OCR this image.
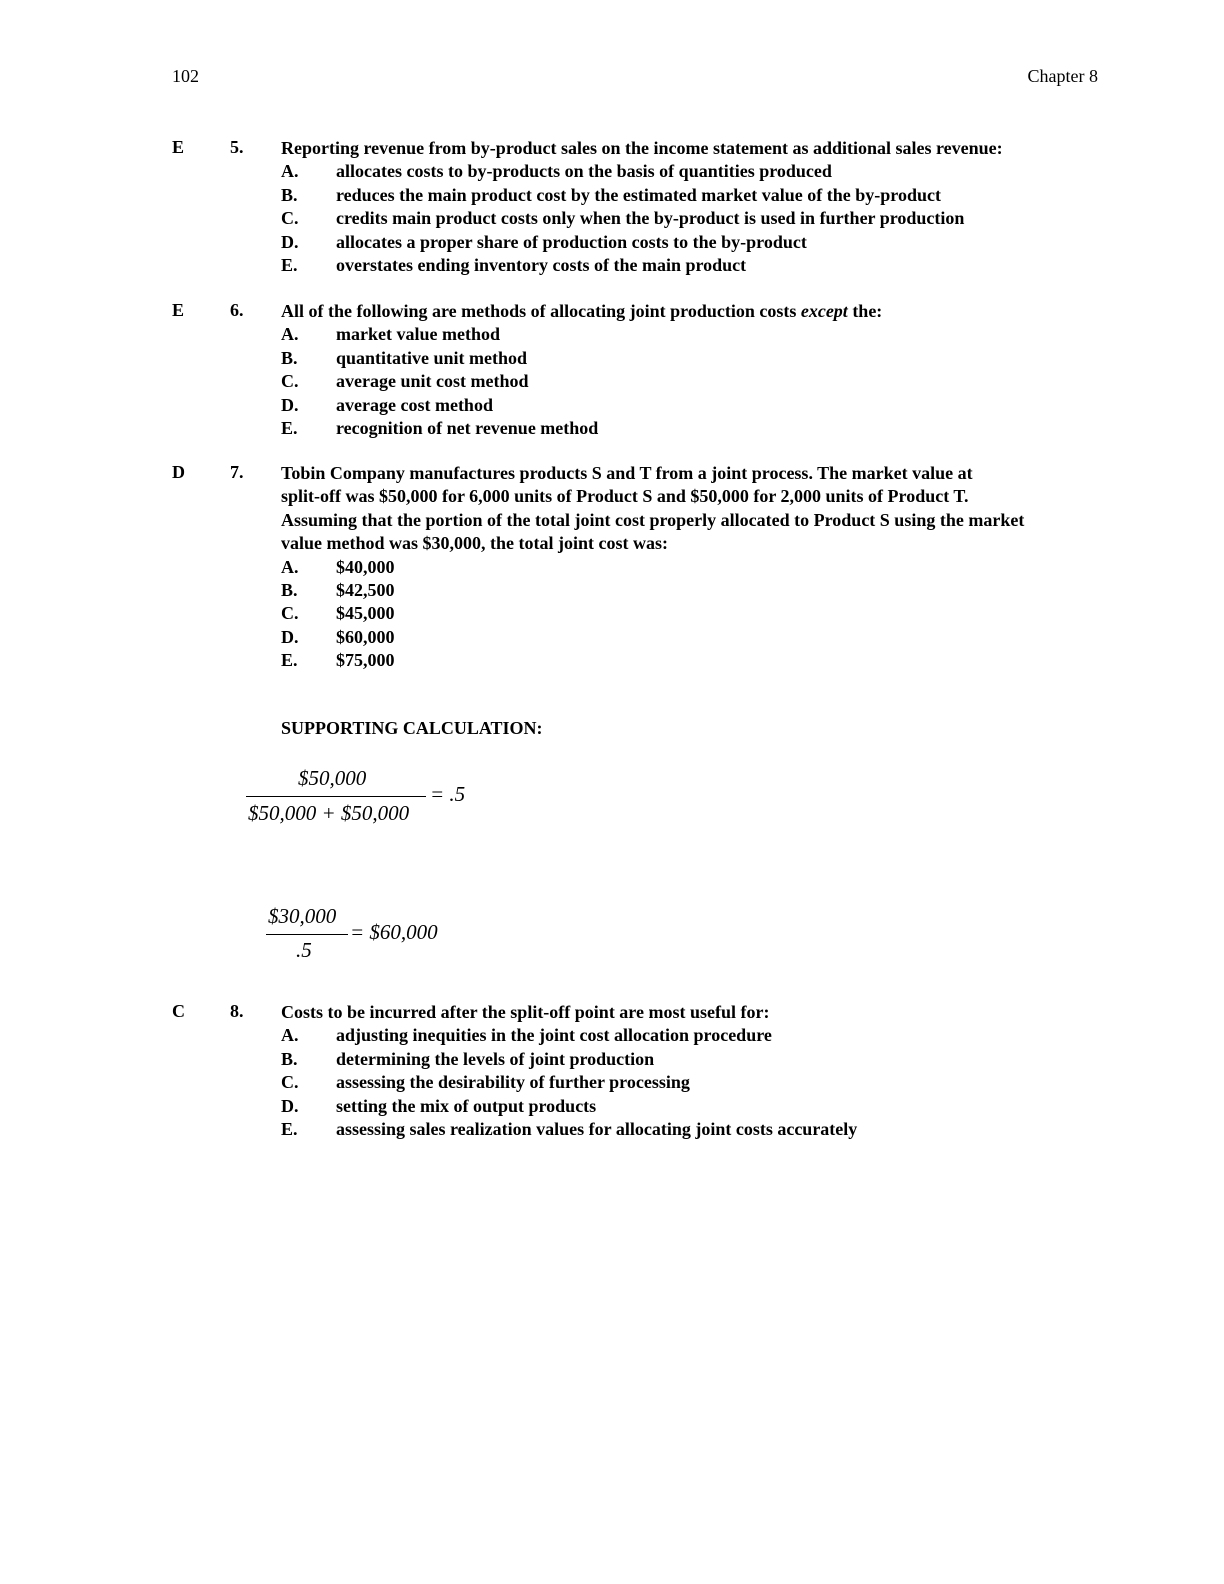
102	Chapter 8
E	5. Reporting revenue from by-product sales on the income statement as additional sales revenue:

A. allocates costs to by-products on the basis of quantities produced
B. reduces the main product cost by the estimated market value of the by-product
C. credits main product costs only when the by-product is used in further production
D. allocates a proper share of production costs to the by-product
E. overstates ending inventory costs of the main product
E	6. All of the following are methods of allocating joint production costs except the:

A. market value method
B. quantitative unit method
C. average unit cost method
D. average cost method
E. recognition of net revenue method
D	7. Tobin Company manufactures products S and T from a joint process. The market value at

split-off was $50,000 for 6,000 units of Product S and $50,000 for 2,000 units of Product T.

Assuming that the portion of the total joint cost properly allocated to Product S using the market

value method was $30,000, the total joint cost was:

A. $40,000
B. $42,500
C. $45,000
D. $60,000
E. $75,000
SUPPORTING CALCULATION:
$50,000
$50,000 + $50,000
= .5
$30,000
.5
= $60,000
C	8. Costs to be incurred after the split-off point are most useful for:

A. adjusting inequities in the joint cost allocation procedure
B. determining the levels of joint production
C. assessing the desirability of further processing
D. setting the mix of output products
E. assessing sales realization values for allocating joint costs accurately
